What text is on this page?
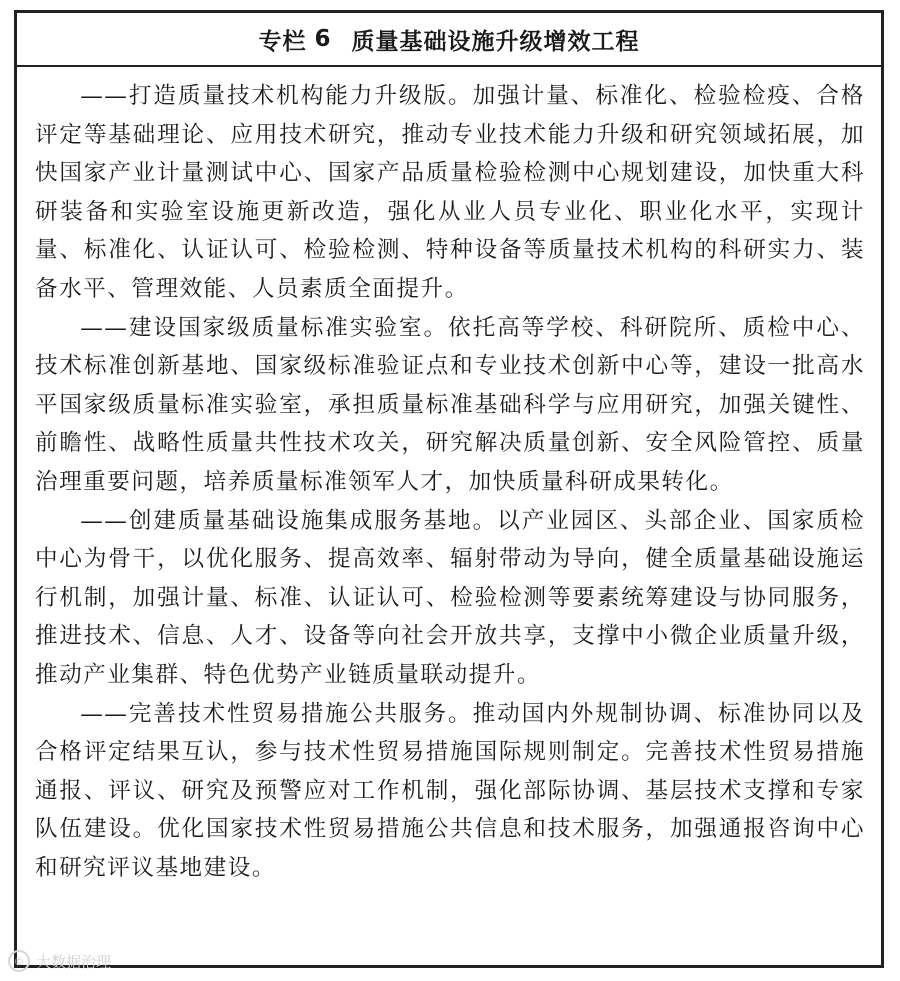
专栏 6 质量基础设施升级增效工程

——打造质量技术机构能力升级版。加强计量、标准化、检验检疫、合格评定等基础理论、应用技术研究，推动专业技术能力升级和研究领域拓展，加快国家产业计量测试中心、国家产品质量检验检测中心规划建设，加快重大科研装备和实验室设施更新改造，强化从业人员专业化、职业化水平，实现计量、标准化、认证认可、检验检测、特种设备等质量技术机构的科研实力、装备水平、管理效能、人员素质全面提升。

——建设国家级质量标准实验室。依托高等学校、科研院所、质检中心、技术标准创新基地、国家级标准验证点和专业技术创新中心等，建设一批高水平国家级质量标准实验室，承担质量标准基础科学与应用研究，加强关键性、前瞻性、战略性质量共性技术攻关，研究解决质量创新、安全风险管控、质量治理重要问题，培养质量标准领军人才，加快质量科研成果转化。

——创建质量基础设施集成服务基地。以产业园区、头部企业、国家质检中心为骨干，以优化服务、提高效率、辐射带动为导向，健全质量基础设施运行机制，加强计量、标准、认证认可、检验检测等要素统筹建设与协同服务，推进技术、信息、人才、设备等向社会开放共享，支撑中小微企业质量升级，推动产业集群、特色优势产业链质量联动提升。

——完善技术性贸易措施公共服务。推动国内外规制协调、标准协同以及合格评定结果互认，参与技术性贸易措施国际规则制定。完善技术性贸易措施通报、评议、研究及预警应对工作机制，强化部际协调、基层技术支撑和专家队伍建设。优化国家技术性贸易措施公共信息和技术服务，加强通报咨询中心和研究评议基地建设。

© 大数据治理
